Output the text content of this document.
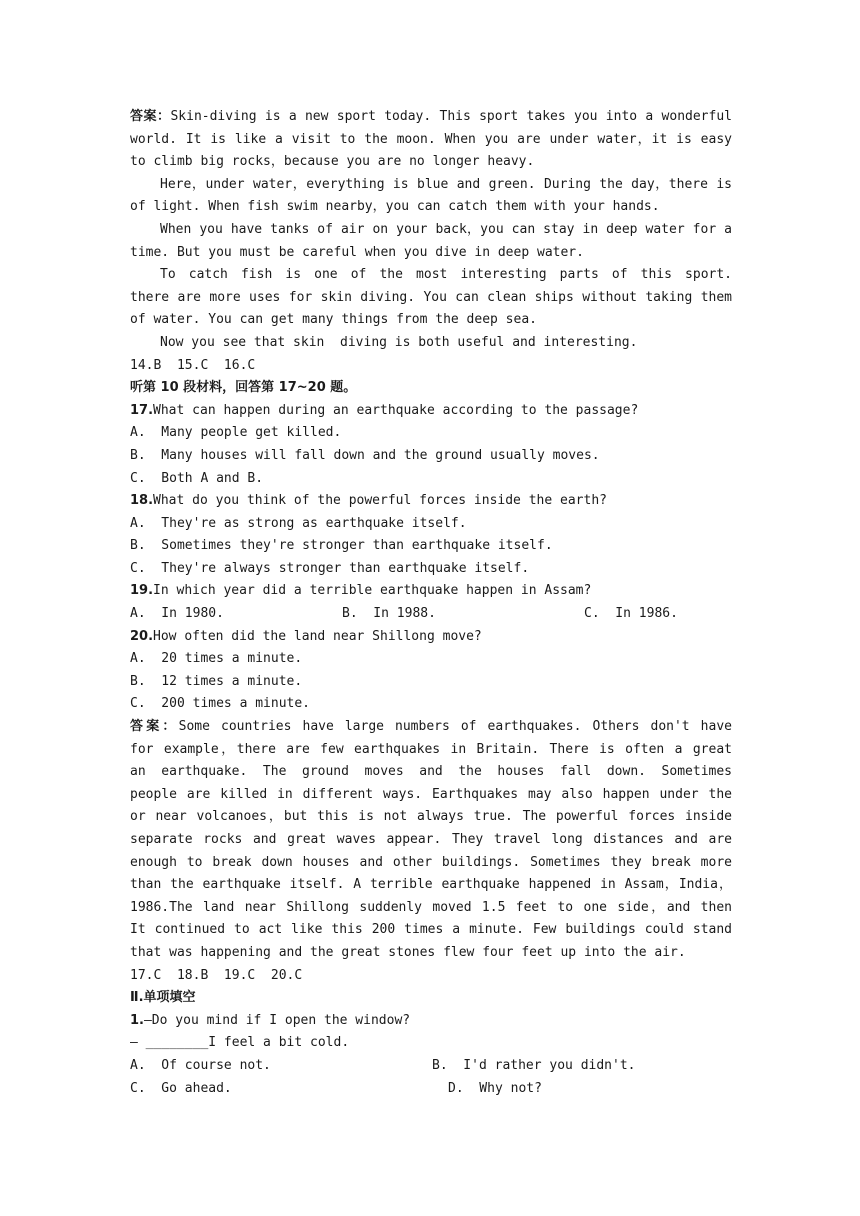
答案：Skin-diving is a new sport today. This sport takes you into a wonderful
world. It is like a visit to the moon. When you are under water，it is easy
to climb big rocks，because you are no longer heavy.
Here，under water，everything is blue and green. During the day，there is
of light. When fish swim nearby，you can catch them with your hands.
When you have tanks of air on your back，you can stay in deep water for a
time. But you must be careful when you dive in deep water.
To catch fish is one of the most interesting parts of this sport.
there are more uses for skin diving. You can clean ships without taking them
of water. You can get many things from the deep sea.
Now you see that skin  diving is both useful and interesting.
14.B  15.C  16.C
听第 10 段材料，回答第 17~20 题。
17.What can happen during an earthquake according to the passage?
A.  Many people get killed.
B.  Many houses will fall down and the ground usually moves.
C.  Both A and B.
18.What do you think of the powerful forces inside the earth?
A.  They're as strong as earthquake itself.
B.  Sometimes they're stronger than earthquake itself.
C.  They're always stronger than earthquake itself.
19.In which year did a terrible earthquake happen in Assam?
A.  In 1980.	B.  In 1988.	C.  In 1986.
20.How often did the land near Shillong move?
A.  20 times a minute.
B.  12 times a minute.
C.  200 times a minute.
答案：Some countries have large numbers of earthquakes. Others don't have
for example，there are few earthquakes in Britain. There is often a great
an earthquake. The ground moves and the houses fall down. Sometimes
people are killed in different ways. Earthquakes may also happen under the
or near volcanoes，but this is not always true. The powerful forces inside
separate rocks and great waves appear. They travel long distances and are
enough to break down houses and other buildings. Sometimes they break more
than the earthquake itself. A terrible earthquake happened in Assam，India，
1986.The land near Shillong suddenly moved 1.5 feet to one side，and then
It continued to act like this 200 times a minute. Few buildings could stand
that was happening and the great stones flew four feet up into the air.
17.C  18.B  19.C  20.C
Ⅱ.单项填空
1.—Do you mind if I open the window?
— ________I feel a bit cold.
A.  Of course not.	B.  I'd rather you didn't.
C.  Go ahead.	D.  Why not?
